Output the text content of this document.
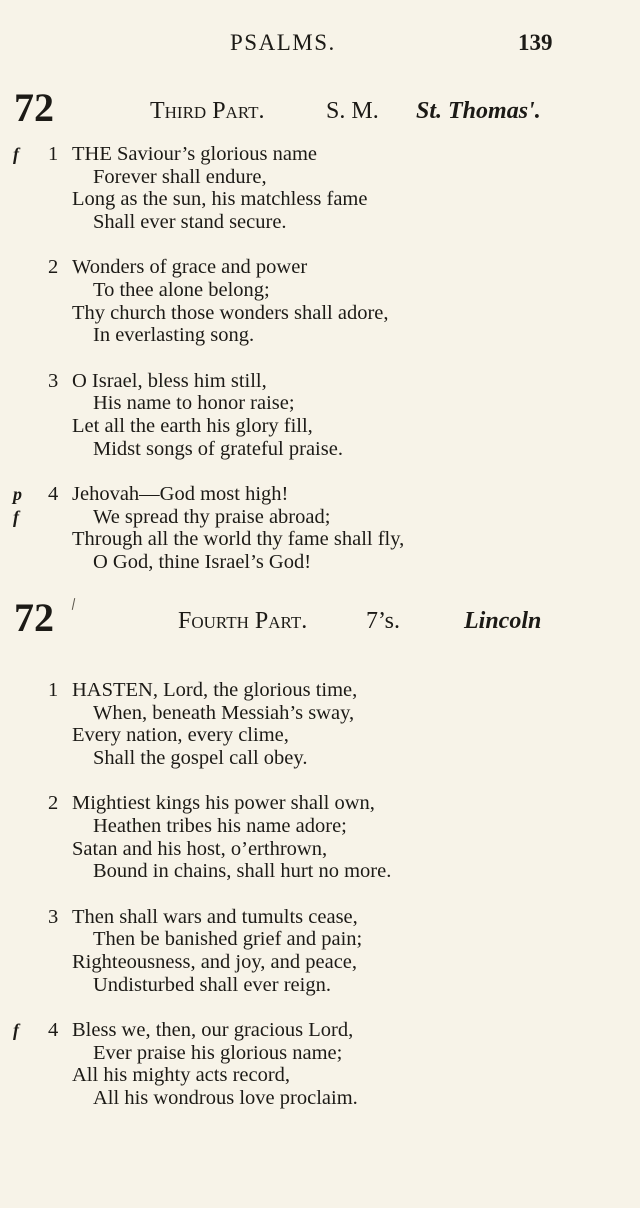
PSALMS.	139
72	Third Part.	S. M. St. Thomas'.
f 1 THE Saviour’s glorious name
Forever shall endure,
Long as the sun, his matchless fame
Shall ever stand secure.
2 Wonders of grace and power
To thee alone belong;
Thy church those wonders shall adore,
In everlasting song.
3 O Israel, bless him still,
His name to honor raise;
Let all the earth his glory fill,
Midst songs of grateful praise.
p 4 Jehovah—God most high!
f	We spread thy praise abroad;
Through all the world thy fame shall fly,
O God, thine Israel’s God!
72	Fourth Part. 7’s.	Lincoln
1 HASTEN, Lord, the glorious time,
When, beneath Messiah’s sway,
Every nation, every clime,
Shall the gospel call obey.
2 Mightiest kings his power shall own,
Heathen tribes his name adore;
Satan and his host, o’erthrown,
Bound in chains, shall hurt no more.
3 Then shall wars and tumults cease,
Then be banished grief and pain;
Righteousness, and joy, and peace,
Undisturbed shall ever reign.
f 4 Bless we, then, our gracious Lord,
Ever praise his glorious name;
All his mighty acts record,
All his wondrous love proclaim.
